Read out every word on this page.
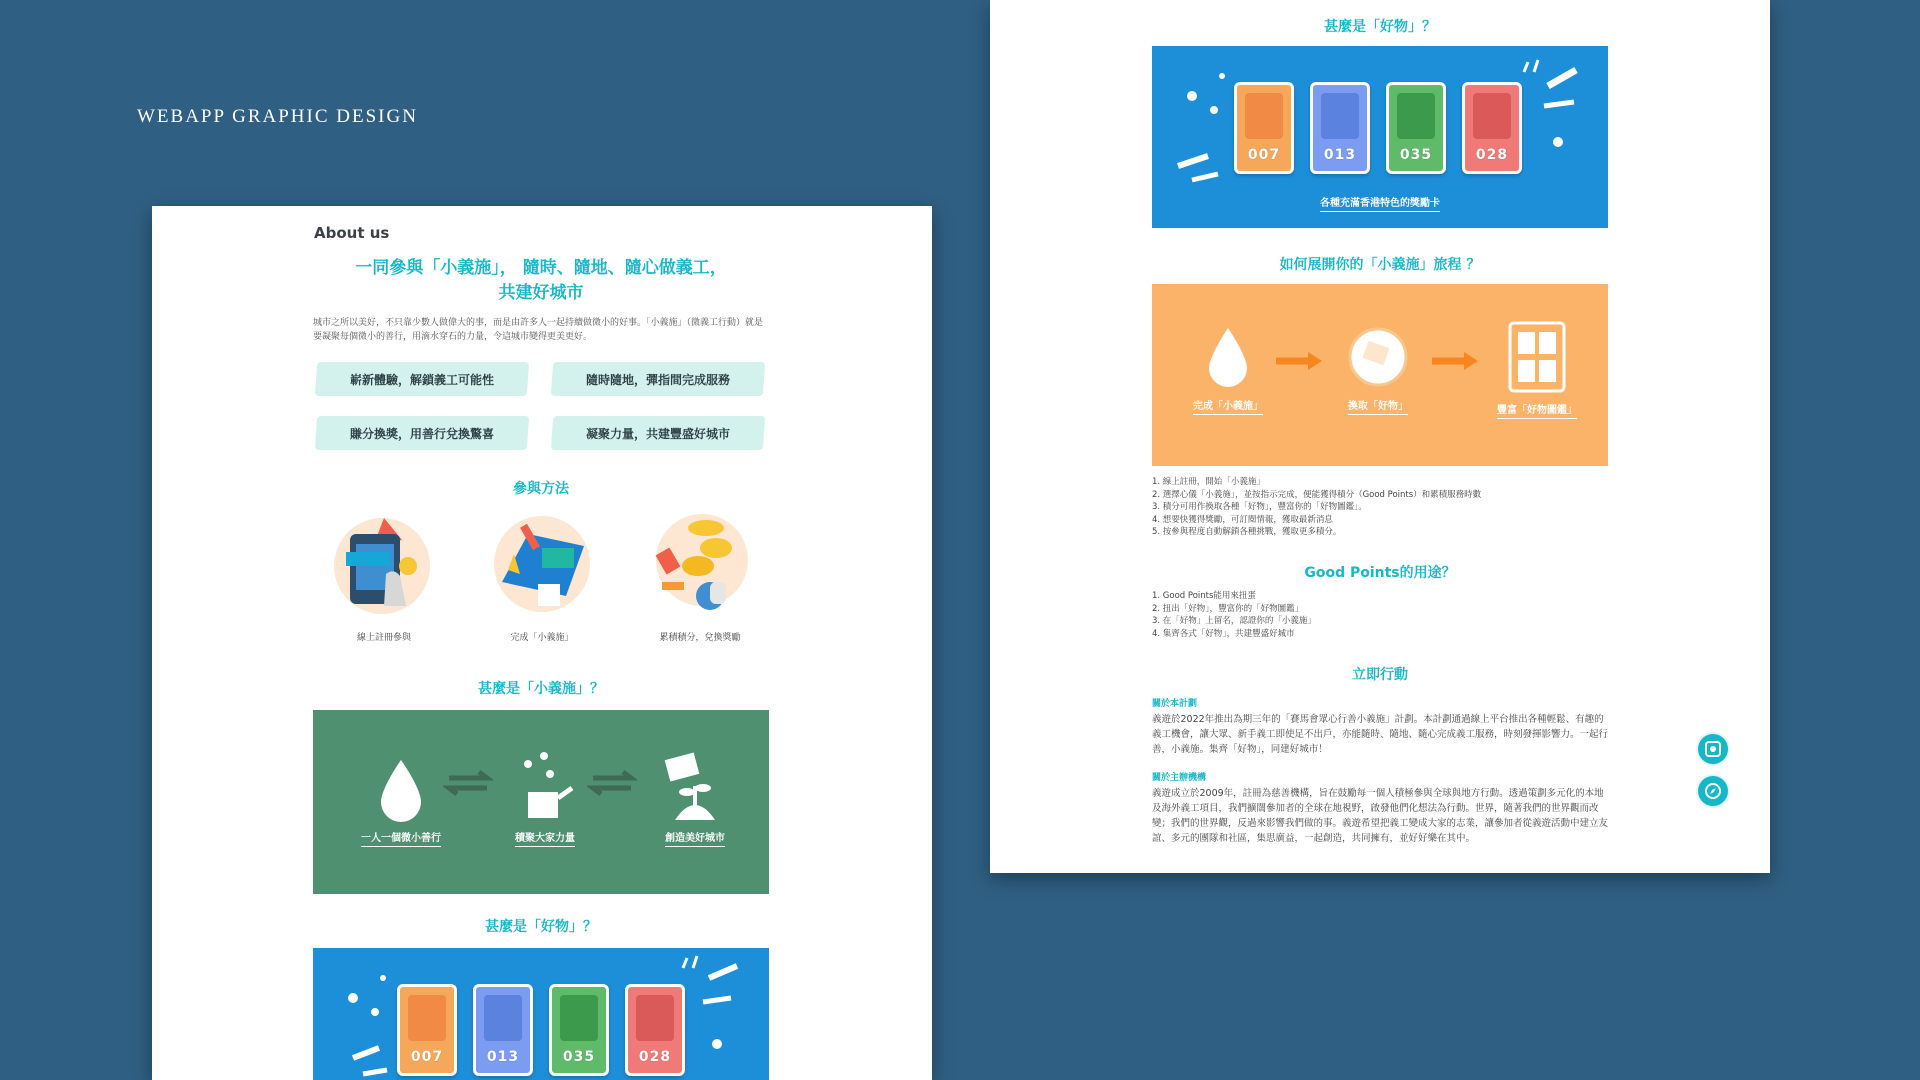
WEBAPP GRAPHIC DESIGN
About us
一同參與「小義施」， 隨時、隨地、隨心做義工，
共建好城市
城市之所以美好，不只靠少數人做偉大的事，而是由許多人一起持續做微小的好事。「小義施」（微義工行動）就是要凝聚每個微小的善行，用滴水穿石的力量，令這城市變得更美更好。
嶄新體驗，解鎖義工可能性	隨時隨地，彈指間完成服務
賺分換獎，用善行兌換驚喜	凝聚力量，共建豐盛好城市
參與方法
線上註冊參與	完成「小義施」	累積積分，兌換獎勵
甚麼是「小義施」？
一人一個微小善行	積聚大家力量	創造美好城市
甚麼是「好物」？
007	013	035	028
甚麼是「好物」？
007	013	035	028
各種充滿香港特色的獎勵卡
如何展開你的「小義施」旅程 ？
完成「小義施」	換取「好物」	豐富「好物圖鑑」
1. 線上註冊，開始「小義施」
2. 選擇心儀「小義施」，並按指示完成，便能獲得積分（Good Points）和累積服務時數
3. 積分可用作換取各種「好物」，豐富你的「好物圖鑑」。
4. 想要快獲得獎勵，可訂閱情報，獲取最新消息
5. 按參與程度自動解鎖各種挑戰，獲取更多積分。
Good Points的用途？
1. Good Points能用來扭蛋
2. 扭出「好物」，豐富你的「好物圖鑑」
3. 在「好物」上留名，認證你的「小義施」
4. 集齊各式「好物」，共建豐盛好城市
立即行動
關於本計劃
義遊於2022年推出為期三年的「賽馬會眾心行善小義施」計劃。本計劃通過線上平台推出各種輕鬆、有趣的義工機會，讓大眾、新手義工即使足不出戶，亦能隨時、隨地、隨心完成義工服務，時刻發揮影響力。一起行善，小義施。集齊「好物」，同建好城市！
關於主辦機構
義遊成立於2009年，註冊為慈善機構，旨在鼓勵每一個人積極參與全球與地方行動。透過策劃多元化的本地及海外義工項目，我們擴闊參加者的全球在地視野，啟發他們化想法為行動。世界，隨著我們的世界觀而改變；我們的世界觀，反過來影響我們做的事。義遊希望把義工變成大家的志業，讓參加者從義遊活動中建立友誼、多元的團隊和社區，集思廣益，一起創造，共同擁有，並好好樂在其中。
